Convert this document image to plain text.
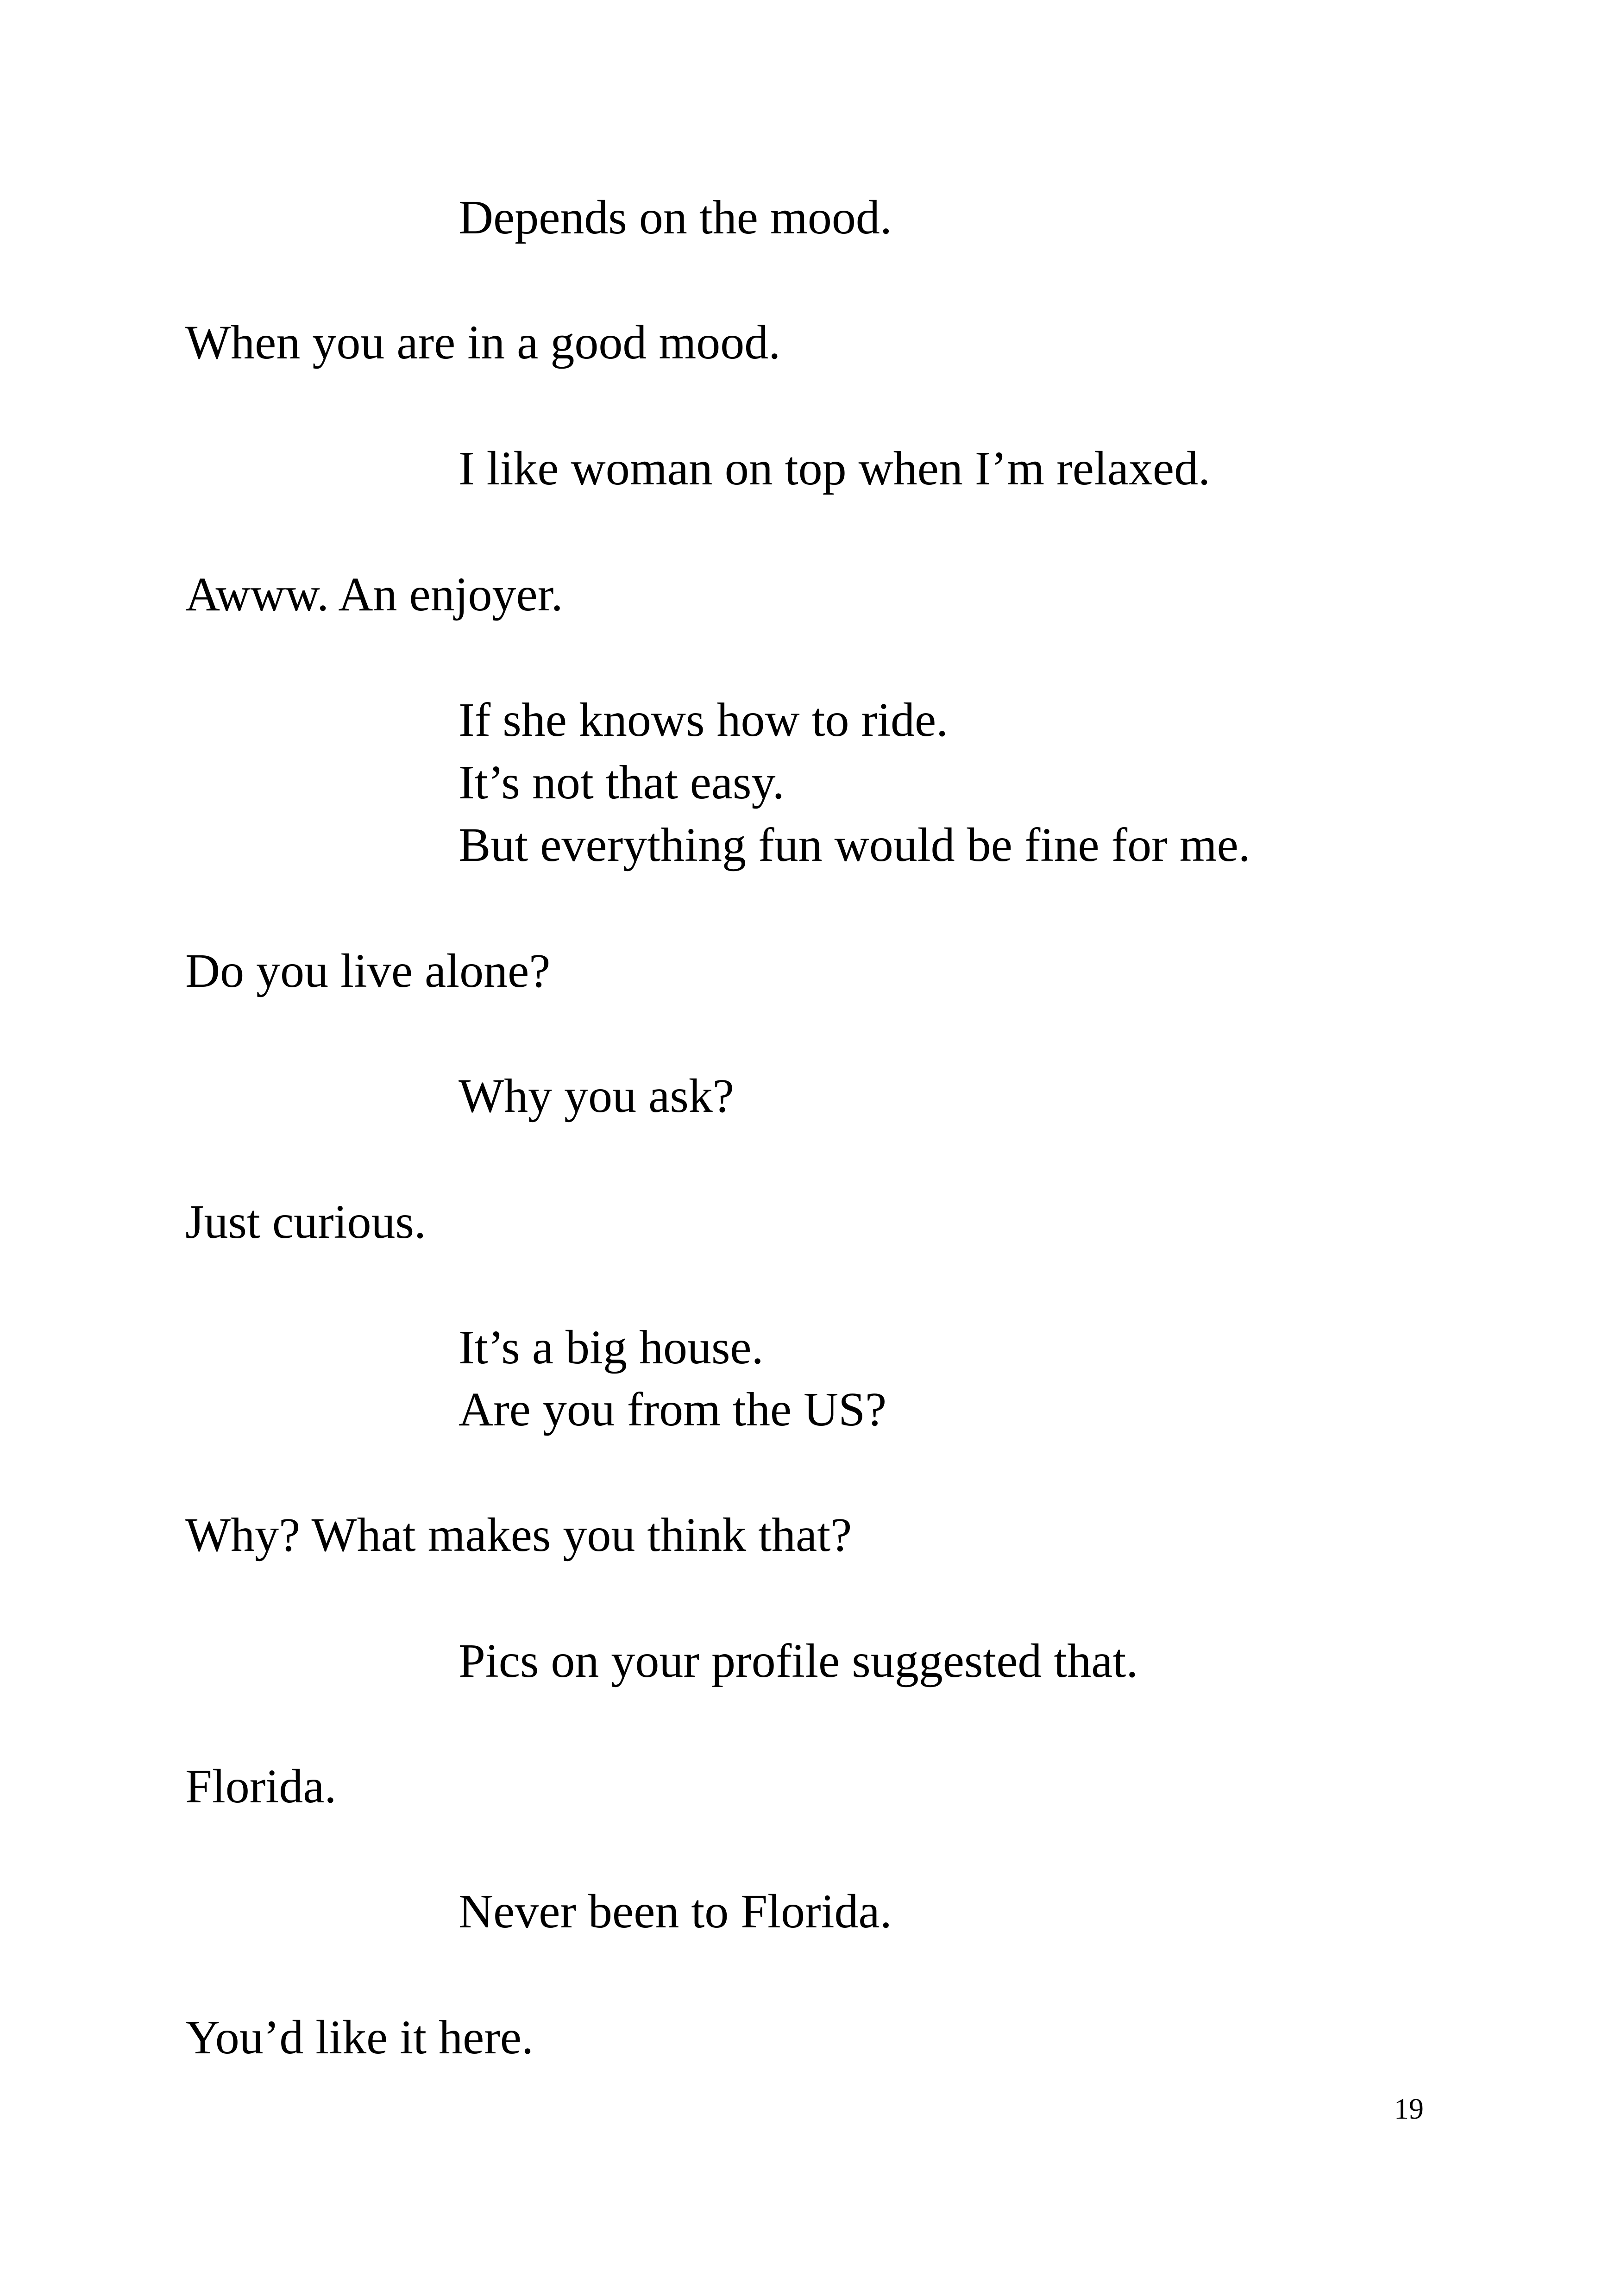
Depends on the mood.
When you are in a good mood.
I like woman on top when I’m relaxed.
Awww. An enjoyer.
If she knows how to ride.
It’s not that easy.
But everything fun would be fine for me.
Do you live alone?
Why you ask?
Just curious.
It’s a big house.
Are you from the US?
Why? What makes you think that?
Pics on your profile suggested that.
Florida.
Never been to Florida.
You’d like it here.
19
